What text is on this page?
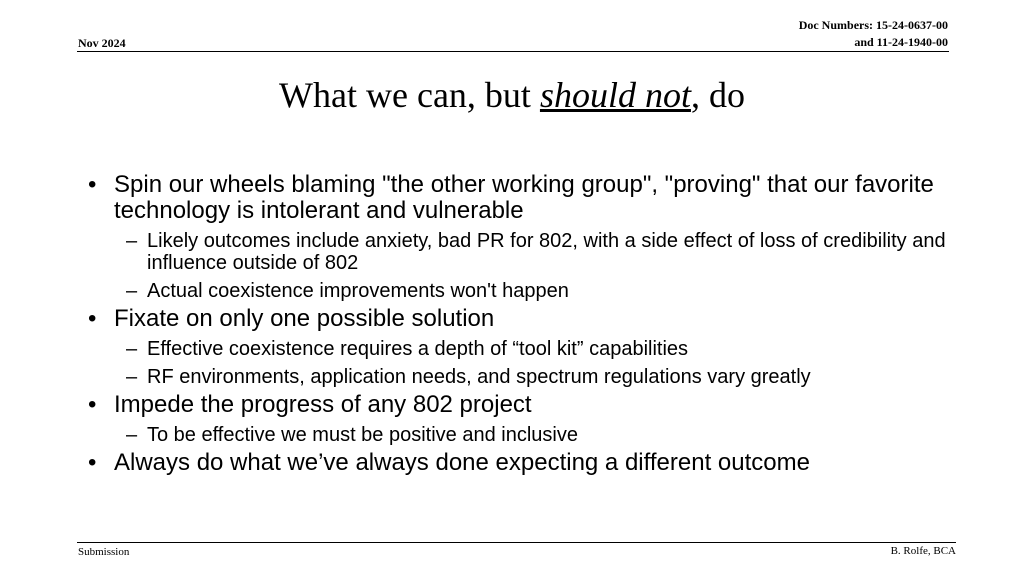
Nov 2024
Doc Numbers: 15-24-0637-00
and 11-24-1940-00
What we can, but should not, do
• Spin our wheels blaming "the other working group", "proving" that our favorite technology is intolerant and vulnerable
– Likely outcomes include anxiety, bad PR for 802, with a side effect of loss of credibility and influence outside of 802
– Actual coexistence improvements won't happen
• Fixate on only one possible solution
– Effective coexistence requires a depth of “tool kit” capabilities
– RF environments, application needs, and spectrum regulations vary greatly
• Impede the progress of any 802 project
– To be effective we must be positive and inclusive
• Always do what we’ve always done expecting a different outcome
Submission	B. Rolfe, BCA
